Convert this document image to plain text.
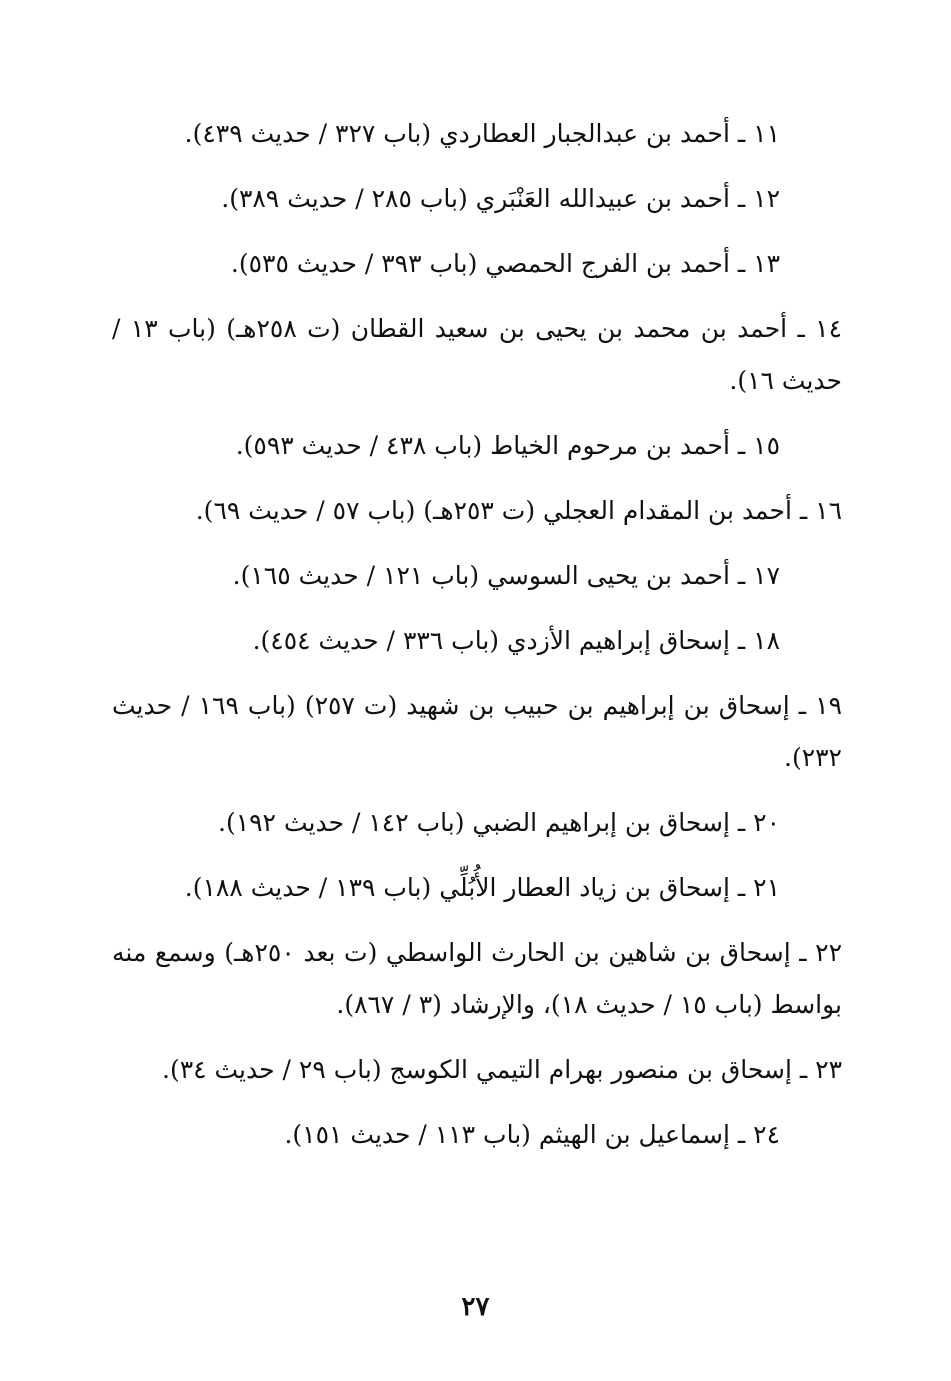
١١ ـ أحمد بن عبدالجبار العطاردي (باب ٣٢٧ / حديث ٤٣٩).

١٢ ـ أحمد بن عبيدالله العَنْبَري (باب ٢٨٥ / حديث ٣٨٩).

١٣ ـ أحمد بن الفرج الحمصي (باب ٣٩٣ / حديث ٥٣٥).

١٤ ـ أحمد بن محمد بن يحيى بن سعيد القطان (ت ٢٥٨هـ) (باب ١٣ / حديث ١٦).

١٥ ـ أحمد بن مرحوم الخياط (باب ٤٣٨ / حديث ٥٩٣).

١٦ ـ أحمد بن المقدام العجلي (ت ٢٥٣هـ) (باب ٥٧ / حديث ٦٩).

١٧ ـ أحمد بن يحيى السوسي (باب ١٢١ / حديث ١٦٥).

١٨ ـ إسحاق إبراهيم الأزدي (باب ٣٣٦ / حديث ٤٥٤).

١٩ ـ إسحاق بن إبراهيم بن حبيب بن شهيد (ت ٢٥٧) (باب ١٦٩ / حديث ٢٣٢).

٢٠ ـ إسحاق بن إبراهيم الضبي (باب ١٤٢ / حديث ١٩٢).

٢١ ـ إسحاق بن زياد العطار الأُبُلِّي (باب ١٣٩ / حديث ١٨٨).

٢٢ ـ إسحاق بن شاهين بن الحارث الواسطي (ت بعد ٢٥٠هـ) وسمع منه بواسط (باب ١٥ / حديث ١٨)، والإرشاد (٣ / ٨٦٧).

٢٣ ـ إسحاق بن منصور بهرام التيمي الكوسج (باب ٢٩ / حديث ٣٤).

٢٤ ـ إسماعيل بن الهيثم (باب ١١٣ / حديث ١٥١).

٢٧
